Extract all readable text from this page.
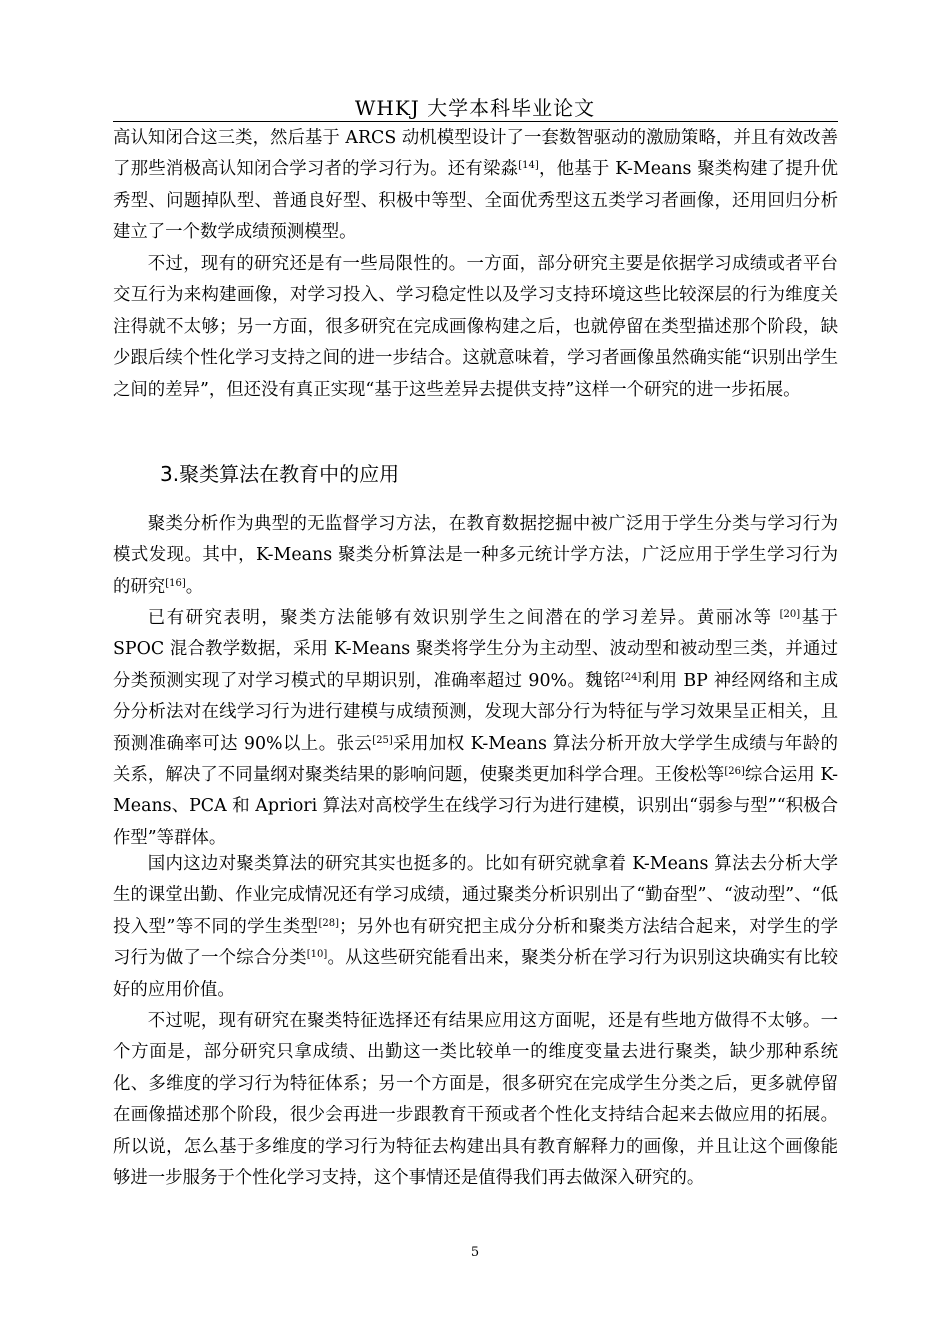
WHKJ 大学本科毕业论文

高认知闭合这三类，然后基于 ARCS 动机模型设计了一套数智驱动的激励策略，并且有效改善了那些消极高认知闭合学习者的学习行为。还有梁淼[14]，他基于 K-Means 聚类构建了提升优秀型、问题掉队型、普通良好型、积极中等型、全面优秀型这五类学习者画像，还用回归分析建立了一个数学成绩预测模型。

不过，现有的研究还是有一些局限性的。一方面，部分研究主要是依据学习成绩或者平台交互行为来构建画像，对学习投入、学习稳定性以及学习支持环境这些比较深层的行为维度关注得就不太够；另一方面，很多研究在完成画像构建之后，也就停留在类型描述那个阶段，缺少跟后续个性化学习支持之间的进一步结合。这就意味着，学习者画像虽然确实能“识别出学生之间的差异”，但还没有真正实现“基于这些差异去提供支持”这样一个研究的进一步拓展。

3.聚类算法在教育中的应用

聚类分析作为典型的无监督学习方法，在教育数据挖掘中被广泛用于学生分类与学习行为模式发现。其中，K-Means 聚类分析算法是一种多元统计学方法，广泛应用于学生学习行为的研究[16]。

已有研究表明，聚类方法能够有效识别学生之间潜在的学习差异。黄丽冰等 [20]基于 SPOC 混合教学数据，采用 K-Means 聚类将学生分为主动型、波动型和被动型三类，并通过分类预测实现了对学习模式的早期识别，准确率超过 90%。魏铭[24]利用 BP 神经网络和主成分分析法对在线学习行为进行建模与成绩预测，发现大部分行为特征与学习效果呈正相关，且预测准确率可达 90%以上。张云[25]采用加权 K-Means 算法分析开放大学学生成绩与年龄的关系，解决了不同量纲对聚类结果的影响问题，使聚类更加科学合理。王俊松等[26]综合运用 K-Means、PCA 和 Apriori 算法对高校学生在线学习行为进行建模，识别出“弱参与型”“积极合作型”等群体。

国内这边对聚类算法的研究其实也挺多的。比如有研究就拿着 K-Means 算法去分析大学生的课堂出勤、作业完成情况还有学习成绩，通过聚类分析识别出了“勤奋型”、“波动型”、“低投入型”等不同的学生类型[28]；另外也有研究把主成分分析和聚类方法结合起来，对学生的学习行为做了一个综合分类[10]。从这些研究能看出来，聚类分析在学习行为识别这块确实有比较好的应用价值。

不过呢，现有研究在聚类特征选择还有结果应用这方面呢，还是有些地方做得不太够。一个方面是，部分研究只拿成绩、出勤这一类比较单一的维度变量去进行聚类，缺少那种系统化、多维度的学习行为特征体系；另一个方面是，很多研究在完成学生分类之后，更多就停留在画像描述那个阶段，很少会再进一步跟教育干预或者个性化支持结合起来去做应用的拓展。所以说，怎么基于多维度的学习行为特征去构建出具有教育解释力的画像，并且让这个画像能够进一步服务于个性化学习支持，这个事情还是值得我们再去做深入研究的。

5
